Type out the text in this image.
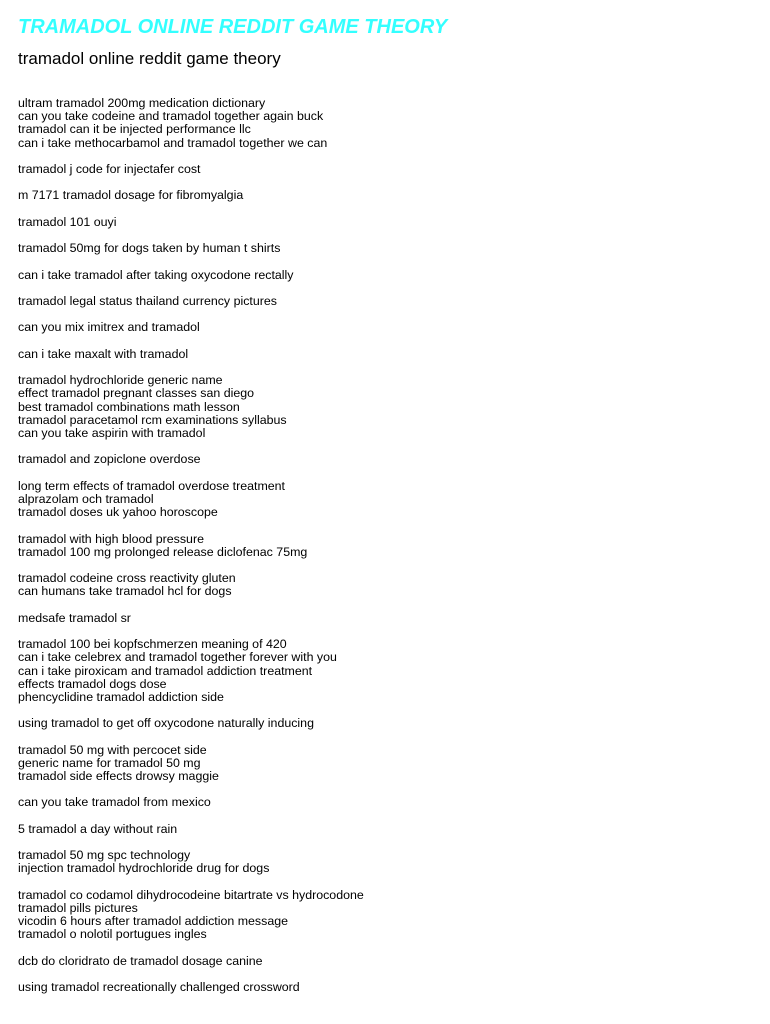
TRAMADOL ONLINE REDDIT GAME THEORY
tramadol online reddit game theory

ultram tramadol 200mg medication dictionary
can you take codeine and tramadol together again buck
tramadol can it be injected performance llc
can i take methocarbamol and tramadol together we can

tramadol j code for injectafer cost

m 7171 tramadol dosage for fibromyalgia

tramadol 101 ouyi

tramadol 50mg for dogs taken by human t shirts

can i take tramadol after taking oxycodone rectally

tramadol legal status thailand currency pictures

can you mix imitrex and tramadol

can i take maxalt with tramadol

tramadol hydrochloride generic name
effect tramadol pregnant classes san diego
best tramadol combinations math lesson
tramadol paracetamol rcm examinations syllabus
can you take aspirin with tramadol

tramadol and zopiclone overdose

long term effects of tramadol overdose treatment
alprazolam och tramadol
tramadol doses uk yahoo horoscope

tramadol with high blood pressure
tramadol 100 mg prolonged release diclofenac 75mg

tramadol codeine cross reactivity gluten
can humans take tramadol hcl for dogs

medsafe tramadol sr

tramadol 100 bei kopfschmerzen meaning of 420
can i take celebrex and tramadol together forever with you
can i take piroxicam and tramadol addiction treatment
effects tramadol dogs dose
phencyclidine tramadol addiction side

using tramadol to get off oxycodone naturally inducing

tramadol 50 mg with percocet side
generic name for tramadol 50 mg
tramadol side effects drowsy maggie

can you take tramadol from mexico

5 tramadol a day without rain

tramadol 50 mg spc technology
injection tramadol hydrochloride drug for dogs

tramadol co codamol dihydrocodeine bitartrate vs hydrocodone
tramadol pills pictures
vicodin 6 hours after tramadol addiction message
tramadol o nolotil portugues ingles

dcb do cloridrato de tramadol dosage canine

using tramadol recreationally challenged crossword
